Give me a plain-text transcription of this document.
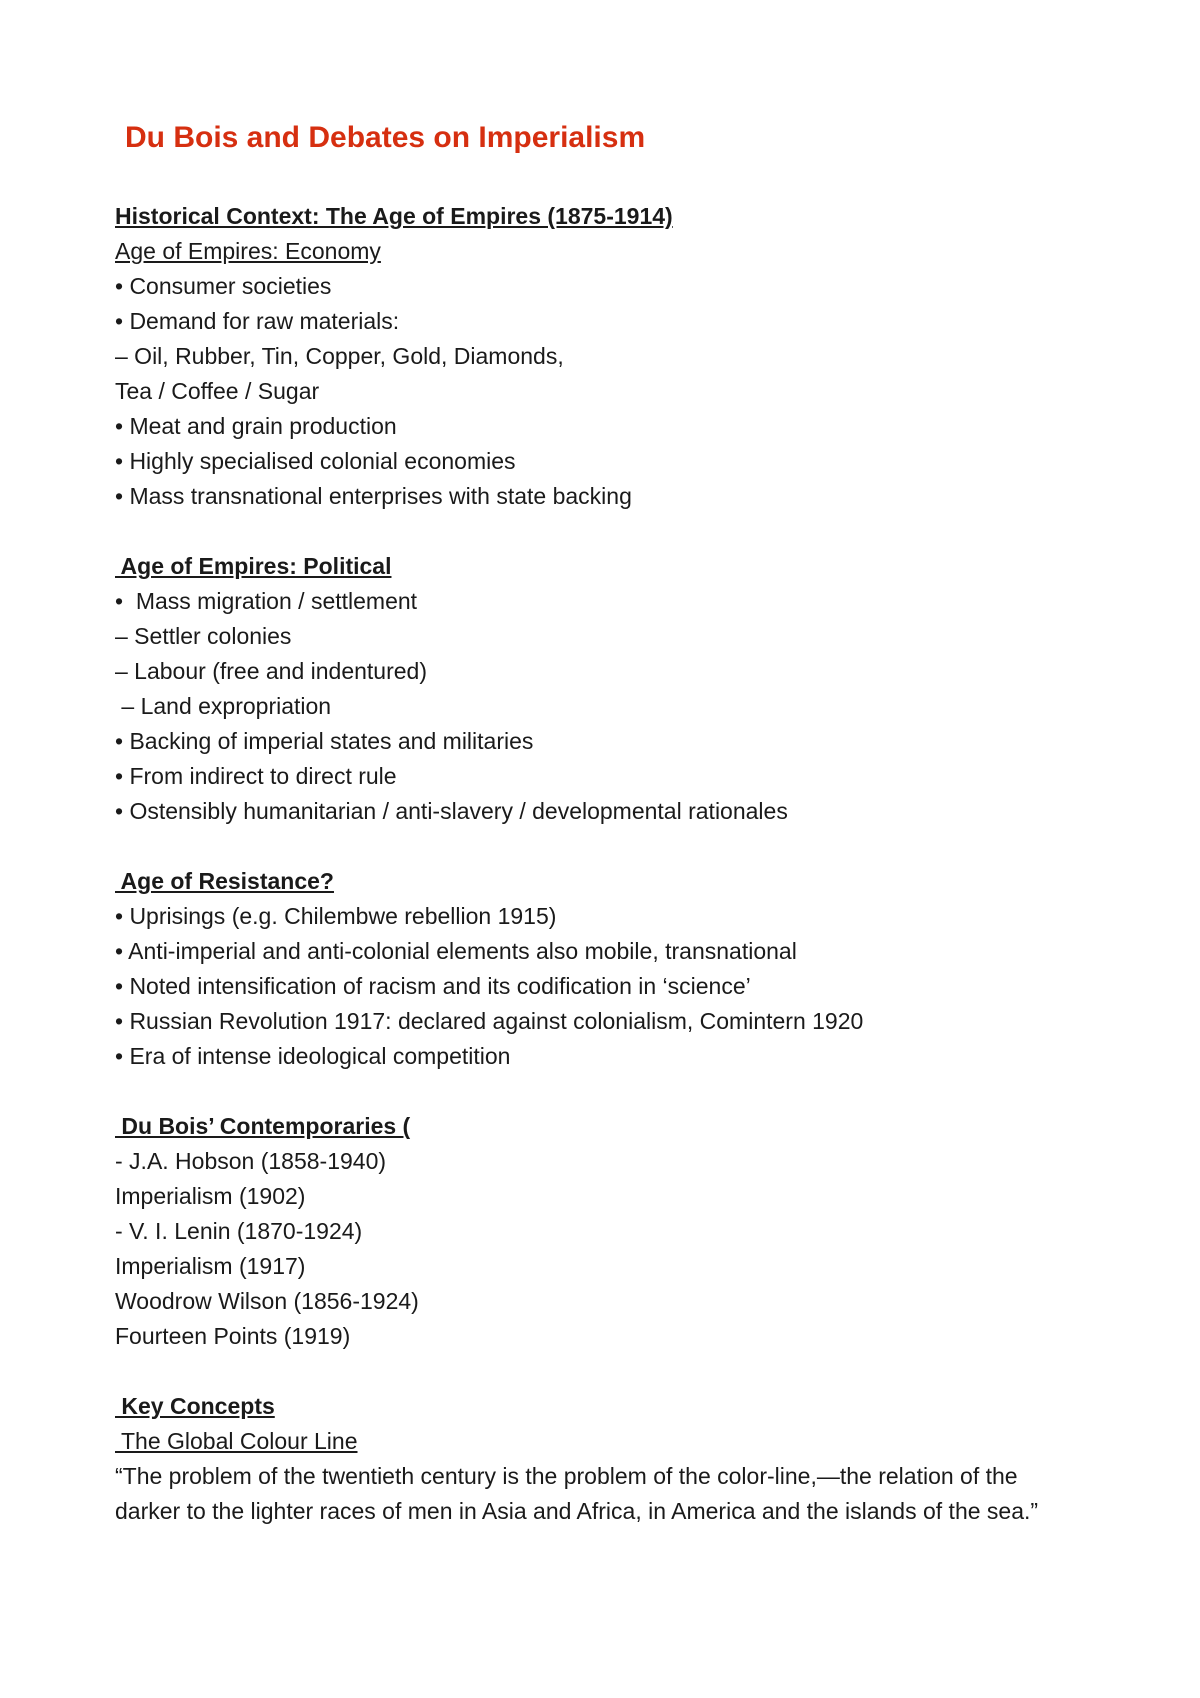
Du Bois and Debates on Imperialism
Historical Context: The Age of Empires (1875-1914)
Age of Empires: Economy
• Consumer societies
• Demand for raw materials:
– Oil, Rubber, Tin, Copper, Gold, Diamonds,
Tea / Coffee / Sugar
• Meat and grain production
• Highly specialised colonial economies
• Mass transnational enterprises with state backing
Age of Empires: Political
•  Mass migration / settlement
– Settler colonies
– Labour (free and indentured)
– Land expropriation
• Backing of imperial states and militaries
• From indirect to direct rule
• Ostensibly humanitarian / anti-slavery / developmental rationales
Age of Resistance?
• Uprisings (e.g. Chilembwe rebellion 1915)
• Anti-imperial and anti-colonial elements also mobile, transnational
• Noted intensification of racism and its codification in ‘science’
• Russian Revolution 1917: declared against colonialism, Comintern 1920
• Era of intense ideological competition
Du Bois’ Contemporaries (
- J.A. Hobson (1858-1940)
Imperialism (1902)
- V. I. Lenin (1870-1924)
Imperialism (1917)
Woodrow Wilson (1856-1924)
Fourteen Points (1919)
Key Concepts
The Global Colour Line
“The problem of the twentieth century is the problem of the color-line,—the relation of the darker to the lighter races of men in Asia and Africa, in America and the islands of the sea.”
